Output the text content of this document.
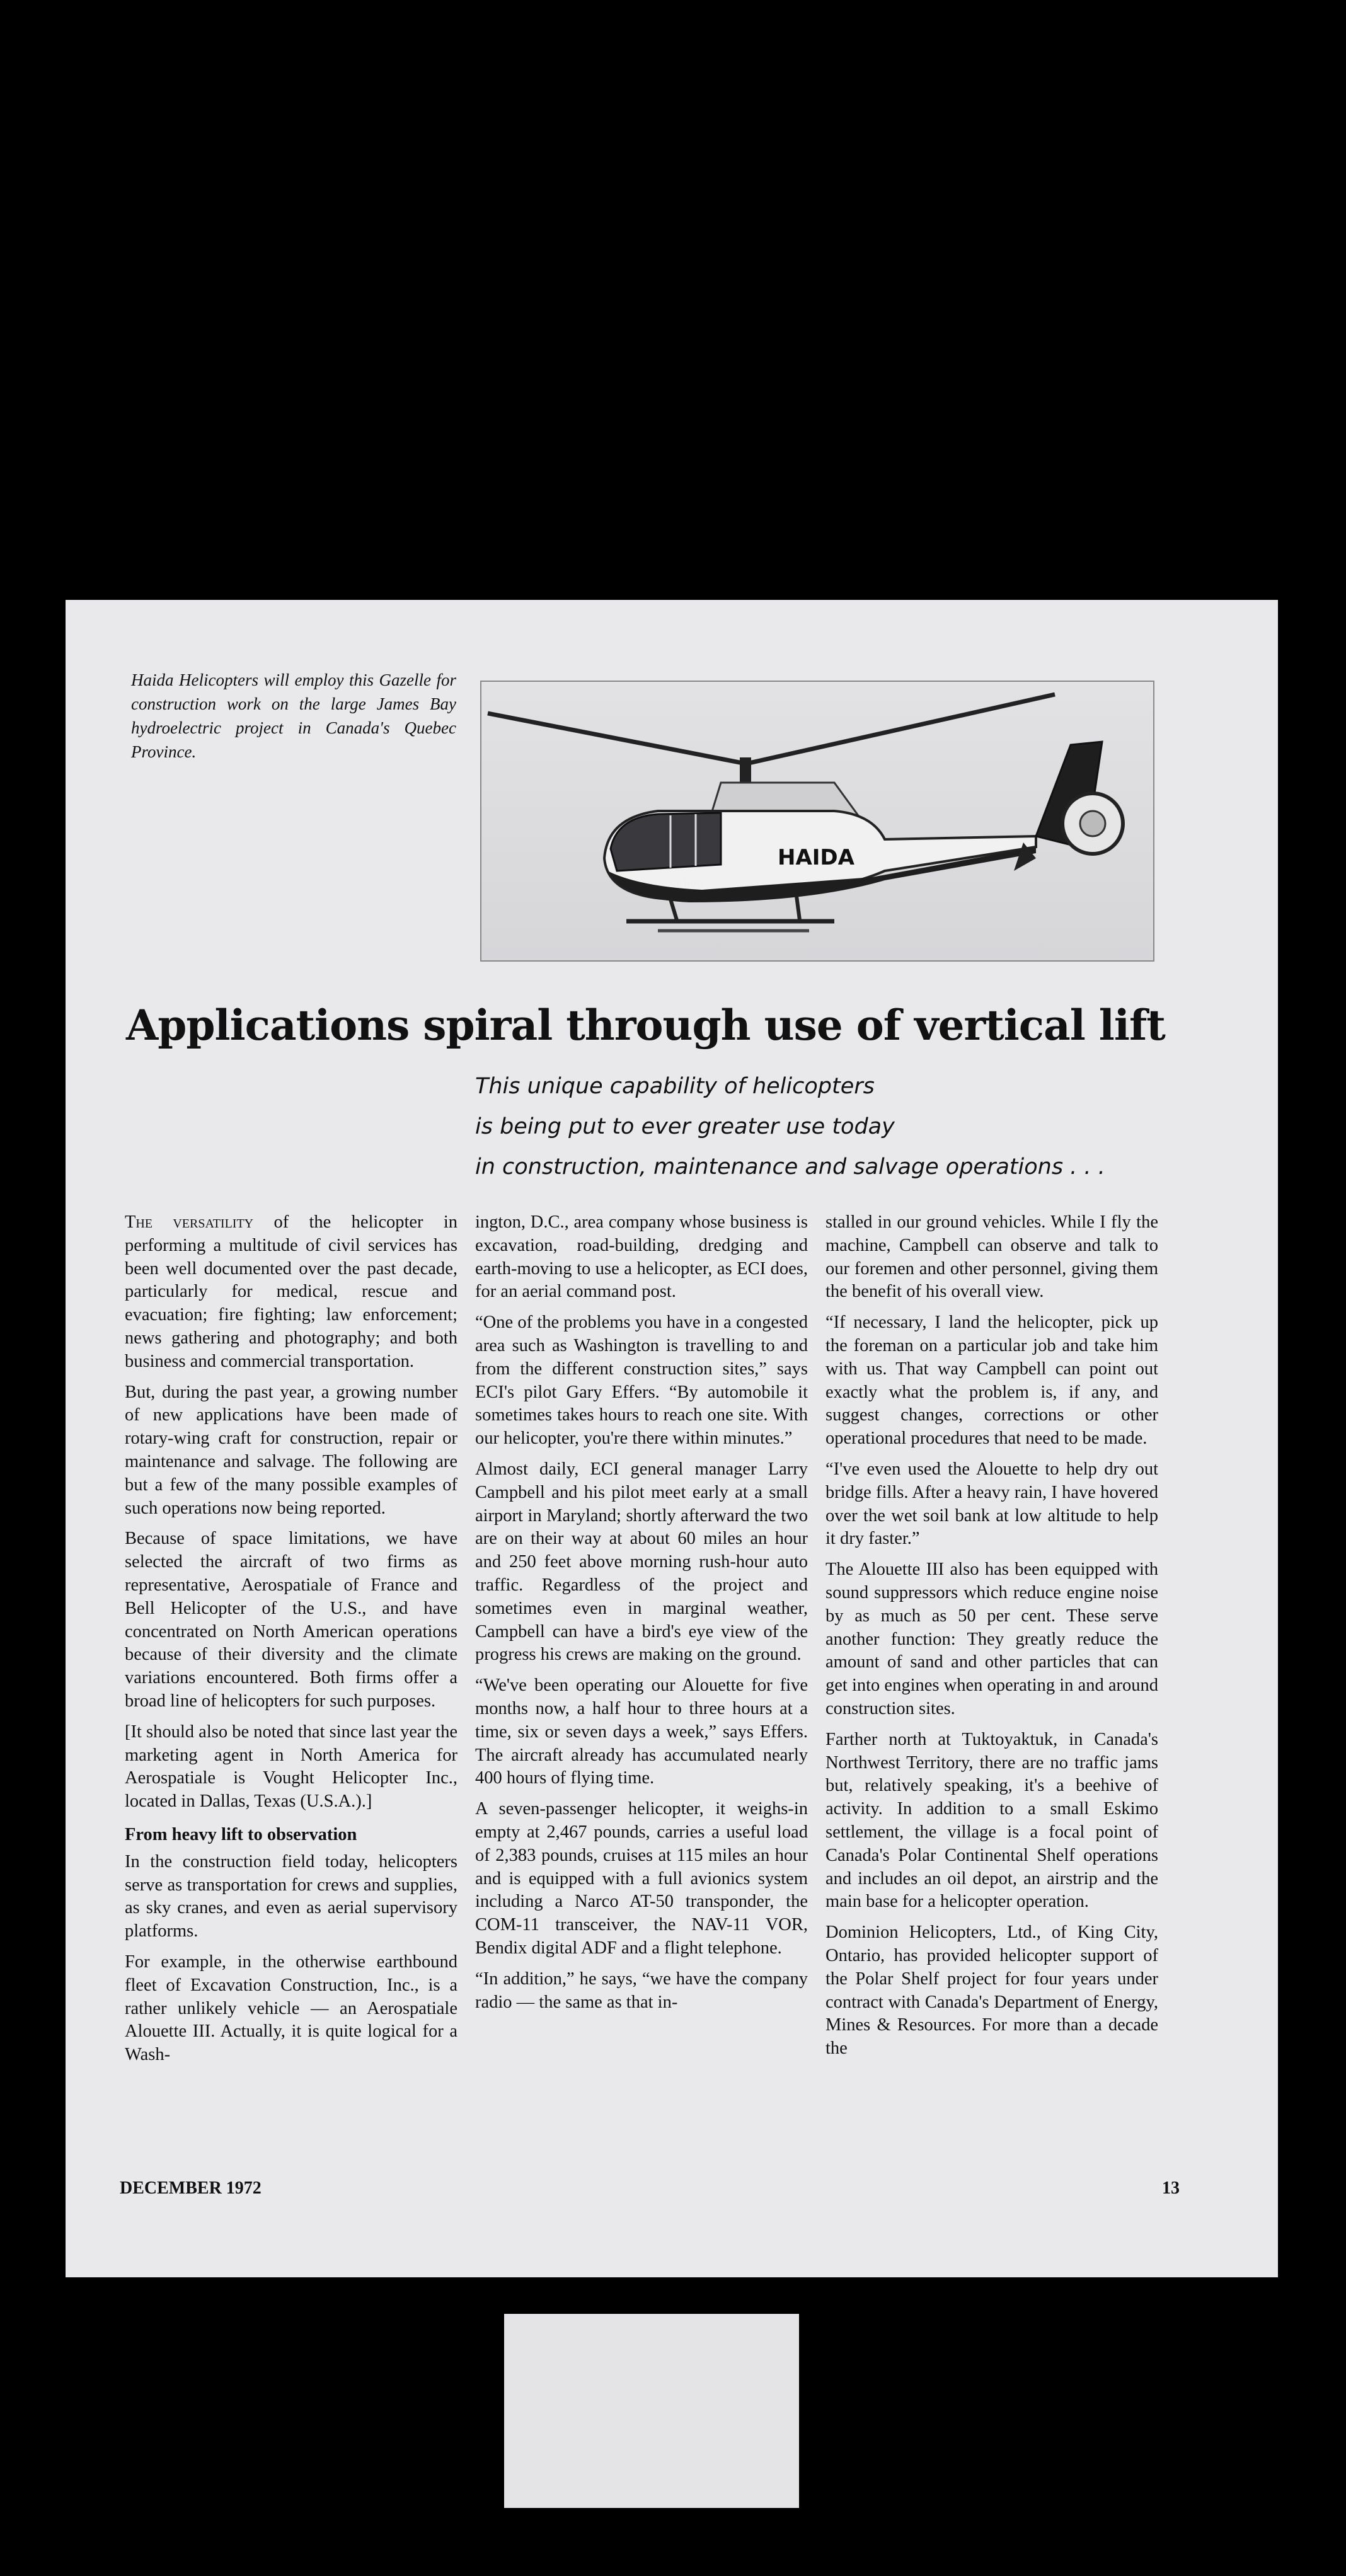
Haida Helicopters will employ this Gazelle for construction work on the large James Bay hydroelectric project in Canada's Quebec Province.
HAIDA
CF-HOO
Applications spiral through use of vertical lift
This unique capability of helicopters
is being put to ever greater use today
in construction, maintenance and salvage operations . . .

The versatility of the helicopter in performing a multitude of civil services has been well documented over the past decade, particularly for medical, rescue and evacuation; fire fighting; law enforcement; news gathering and photography; and both business and commercial transportation.

But, during the past year, a growing number of new applications have been made of rotary-wing craft for construction, repair or maintenance and salvage. The following are but a few of the many possible examples of such operations now being reported.

Because of space limitations, we have selected the aircraft of two firms as representative, Aerospatiale of France and Bell Helicopter of the U.S., and have concentrated on North American operations because of their diversity and the climate variations encountered. Both firms offer a broad line of helicopters for such purposes.

[It should also be noted that since last year the marketing agent in North America for Aerospatiale is Vought Helicopter Inc., located in Dallas, Texas (U.S.A.).]

From heavy lift to observation

In the construction field today, helicopters serve as transportation for crews and supplies, as sky cranes, and even as aerial supervisory platforms.

For example, in the otherwise earthbound fleet of Excavation Construction, Inc., is a rather unlikely vehicle — an Aerospatiale Alouette III. Actually, it is quite logical for a Wash-

ington, D.C., area company whose business is excavation, road-building, dredging and earth-moving to use a helicopter, as ECI does, for an aerial command post.

“One of the problems you have in a congested area such as Washington is travelling to and from the different construction sites,” says ECI's pilot Gary Effers. “By automobile it sometimes takes hours to reach one site. With our helicopter, you're there within minutes.”

Almost daily, ECI general manager Larry Campbell and his pilot meet early at a small airport in Maryland; shortly afterward the two are on their way at about 60 miles an hour and 250 feet above morning rush-hour auto traffic. Regardless of the project and sometimes even in marginal weather, Campbell can have a bird's eye view of the progress his crews are making on the ground.

“We've been operating our Alouette for five months now, a half hour to three hours at a time, six or seven days a week,” says Effers. The aircraft already has accumulated nearly 400 hours of flying time.

A seven-passenger helicopter, it weighs-in empty at 2,467 pounds, carries a useful load of 2,383 pounds, cruises at 115 miles an hour and is equipped with a full avionics system including a Narco AT-50 transponder, the COM-11 transceiver, the NAV-11 VOR, Bendix digital ADF and a flight telephone.

“In addition,” he says, “we have the company radio — the same as that in-

stalled in our ground vehicles. While I fly the machine, Campbell can observe and talk to our foremen and other personnel, giving them the benefit of his overall view.

“If necessary, I land the helicopter, pick up the foreman on a particular job and take him with us. That way Campbell can point out exactly what the problem is, if any, and suggest changes, corrections or other operational procedures that need to be made.

“I've even used the Alouette to help dry out bridge fills. After a heavy rain, I have hovered over the wet soil bank at low altitude to help it dry faster.”

The Alouette III also has been equipped with sound suppressors which reduce engine noise by as much as 50 per cent. These serve another function: They greatly reduce the amount of sand and other particles that can get into engines when operating in and around construction sites.

Farther north at Tuktoyaktuk, in Canada's Northwest Territory, there are no traffic jams but, relatively speaking, it's a beehive of activity. In addition to a small Eskimo settlement, the village is a focal point of Canada's Polar Continental Shelf operations and includes an oil depot, an airstrip and the main base for a helicopter operation.

Dominion Helicopters, Ltd., of King City, Ontario, has provided helicopter support of the Polar Shelf project for four years under contract with Canada's Department of Energy, Mines & Resources. For more than a decade the

DECEMBER 1972	13
